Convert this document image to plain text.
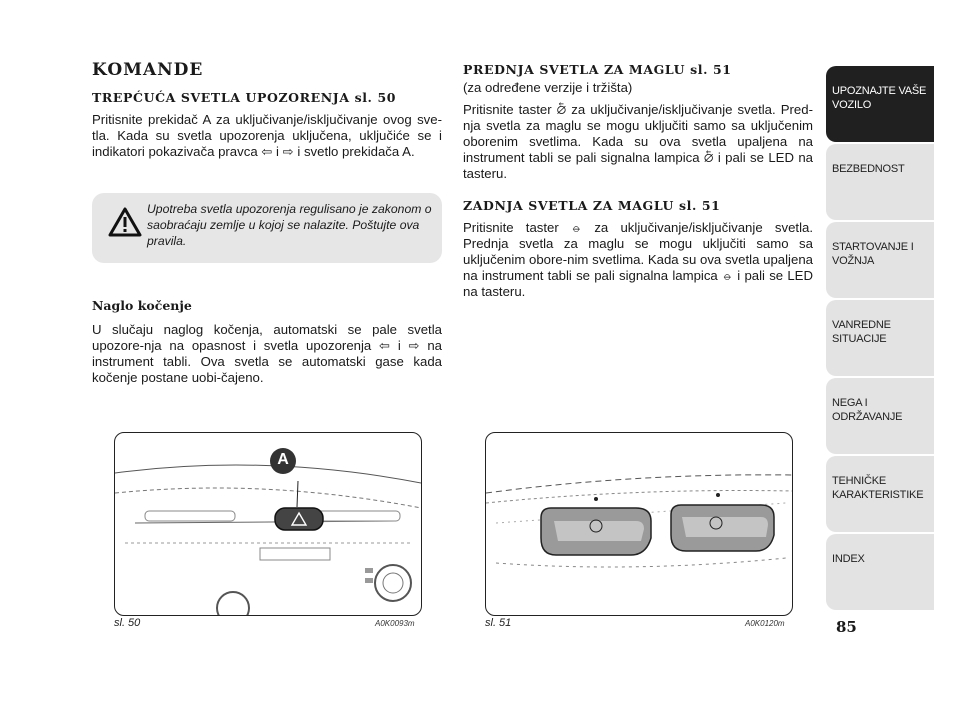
KOMANDE
TREPĆUĆA SVETLA UPOZORENJA sl. 50

Pritisnite prekidač A za uključivanje/isključivanje ovog sve-tla. Kada su svetla upozorenja uključena, uključiće se i indikatori pokazivača pravca ⇦ i ⇨ i svetlo prekidača A.

Upotreba svetla upozorenja regulisano je zakonom o saobraćaju zemlje u kojoj se nalazite. Poštujte ova pravila.
Naglo kočenje

U slučaju naglog kočenja, automatski se pale svetla upozore-nja na opasnost i svetla upozorenja ⇦ i ⇨ na instrument tabli. Ova svetla se automatski gase kada kočenje postane uobi-čajeno.

PREDNJA SVETLA ZA MAGLU sl. 51
(za određene verzije i tržišta)

Pritisnite taster ⦴ za uključivanje/isključivanje svetla. Pred-nja svetla za maglu se mogu uključiti samo sa uključenim oborenim svetlima. Kada su ova svetla upaljena na instrument tabli se pali signalna lampica ⦴ i pali se LED na tasteru.

ZADNJA SVETLA ZA MAGLU sl. 51

Pritisnite taster ⦵ za uključivanje/isključivanje svetla. Prednja svetla za maglu se mogu uključiti samo sa uključenim obore-nim svetlima. Kada su ova svetla upaljena na instrument tabli se pali signalna lampica ⦵ i pali se LED na tasteru.

A
sl. 50	A0K0093m	sl. 51	A0K0120m
UPOZNAJTE VAŠE VOZILO
BEZBEDNOST
STARTOVANJE I VOŽNJA
VANREDNE SITUACIJE
NEGA I ODRŽAVANJE
TEHNIČKE KARAKTERISTIKE
INDEX
85
